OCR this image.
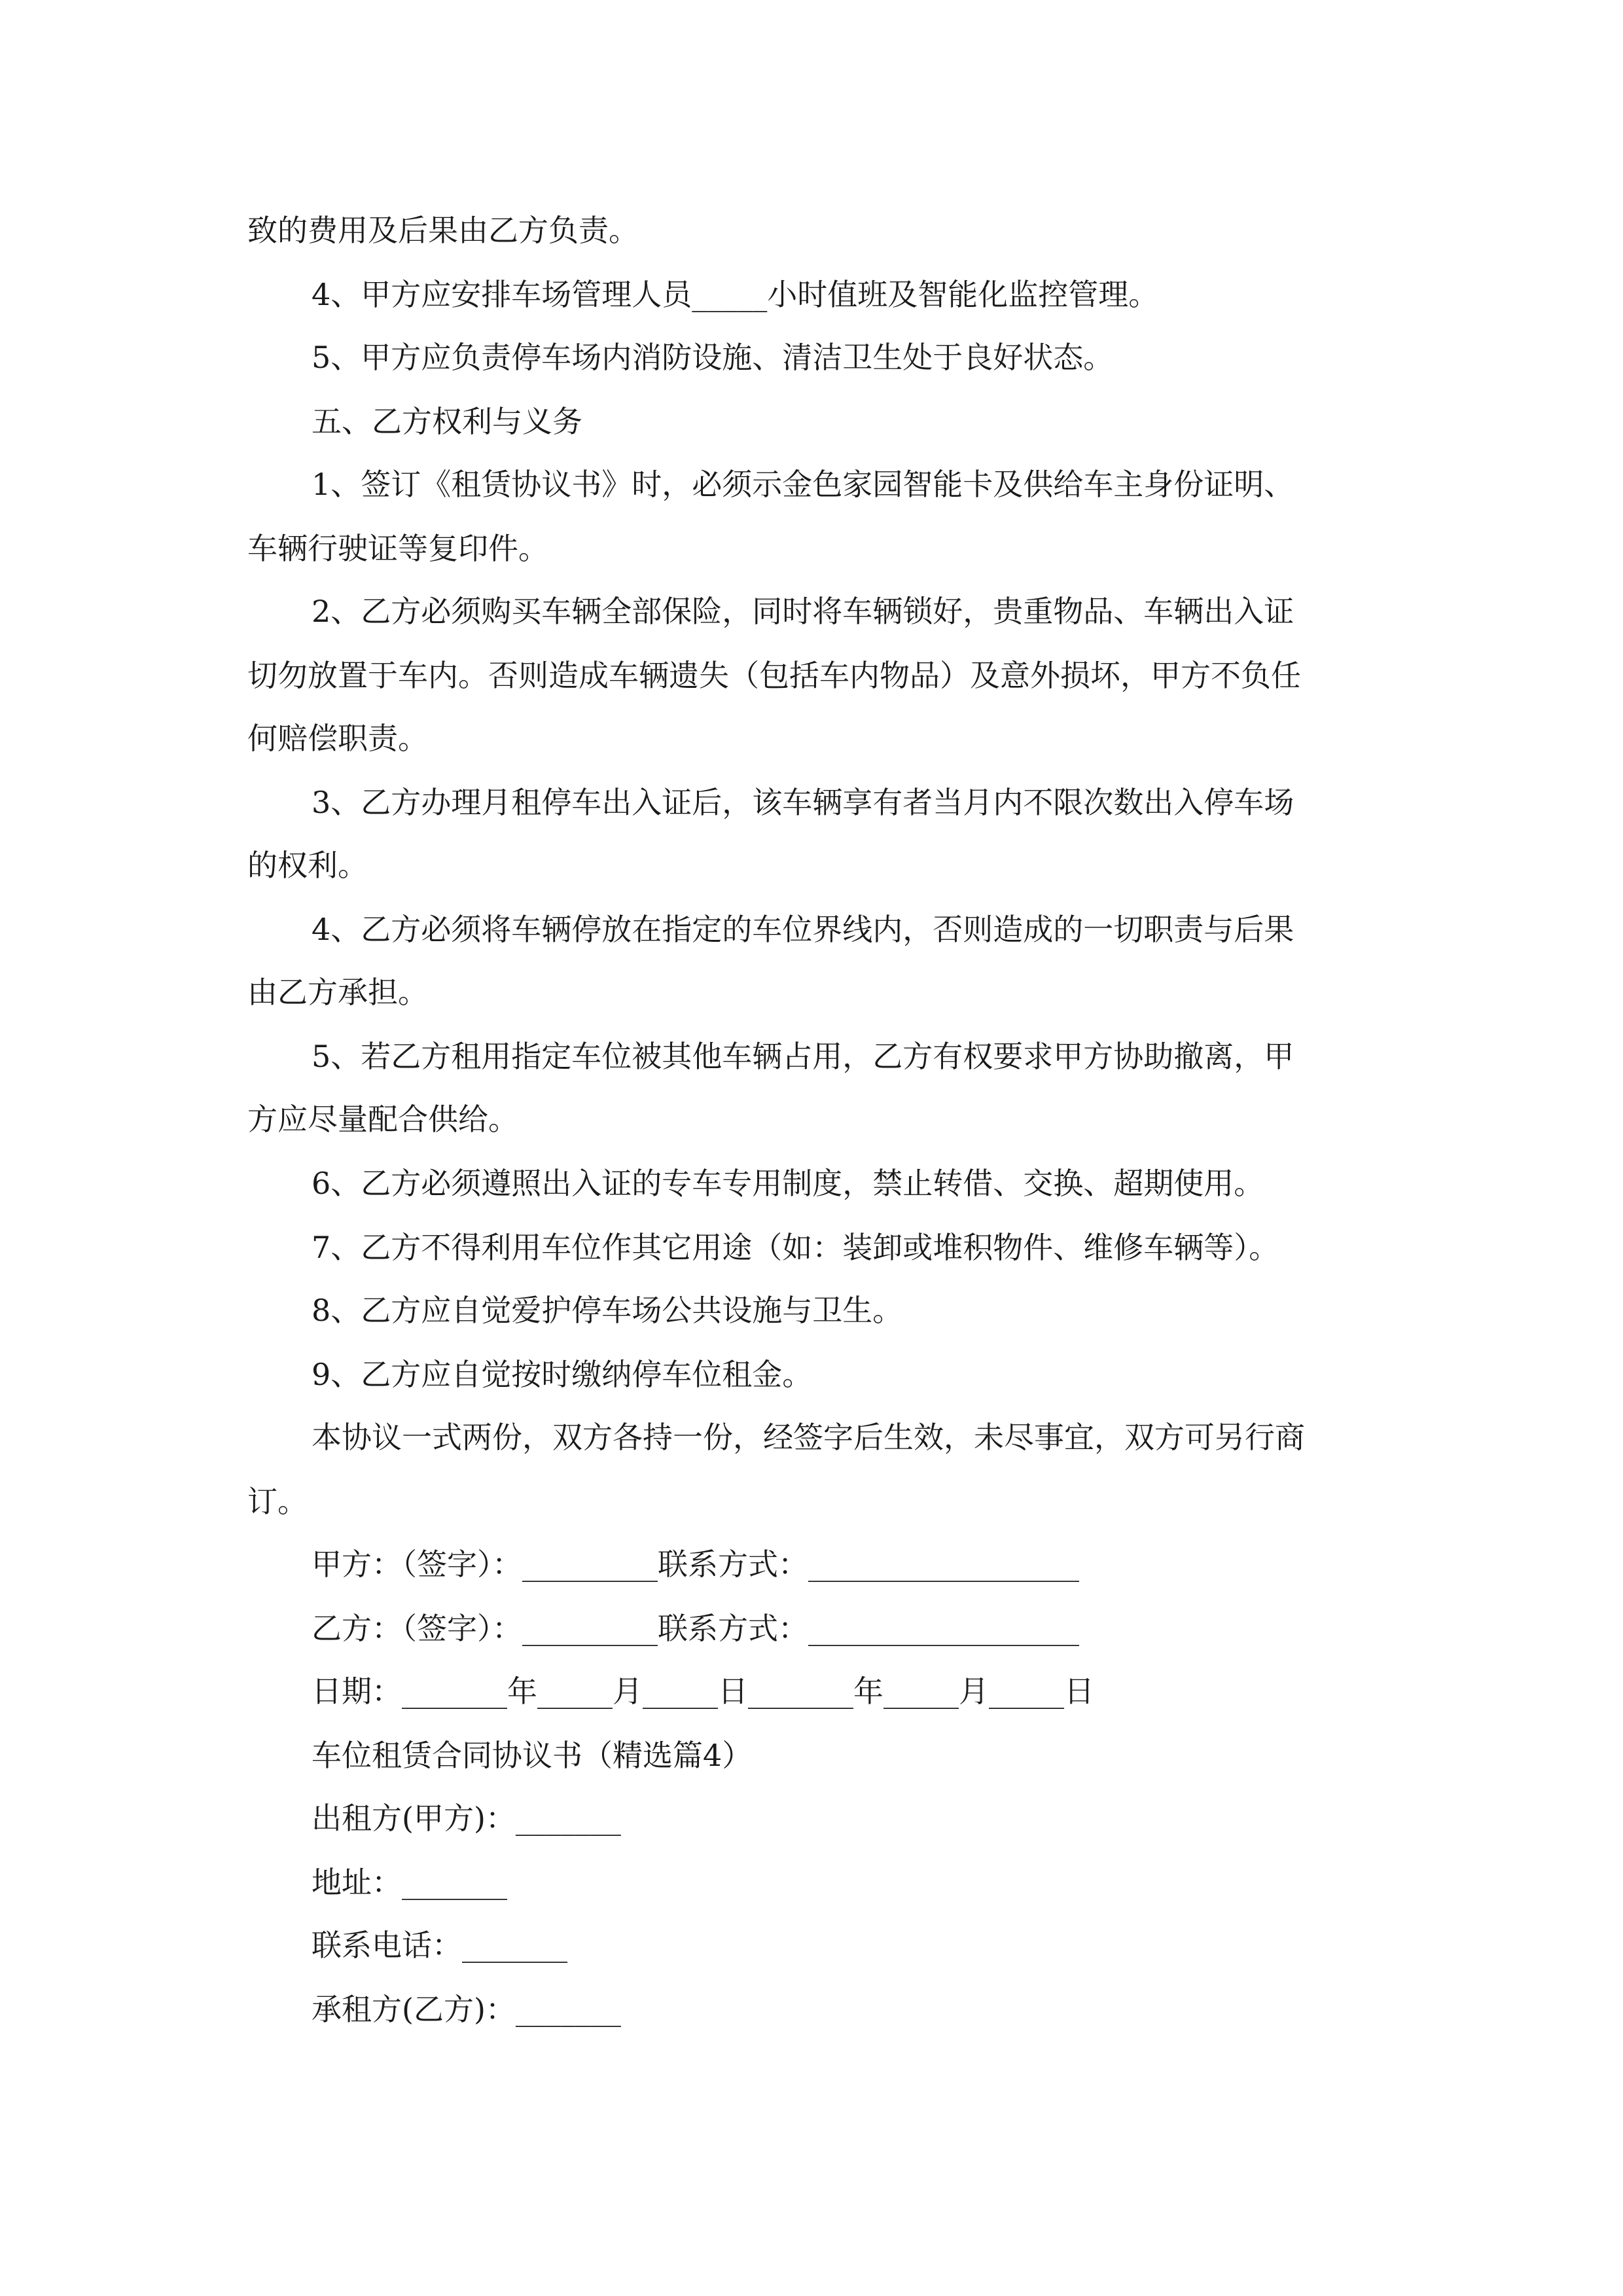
致的费用及后果由乙方负责。
4、甲方应安排车场管理人员_____小时值班及智能化监控管理。
5、甲方应负责停车场内消防设施、清洁卫生处于良好状态。
五、乙方权利与义务
1、签订《租赁协议书》时，必须示金色家园智能卡及供给车主身份证明、
车辆行驶证等复印件。
2、乙方必须购买车辆全部保险，同时将车辆锁好，贵重物品、车辆出入证
切勿放置于车内。否则造成车辆遗失（包括车内物品）及意外损坏，甲方不负任
何赔偿职责。
3、乙方办理月租停车出入证后，该车辆享有者当月内不限次数出入停车场
的权利。
4、乙方必须将车辆停放在指定的车位界线内，否则造成的一切职责与后果
由乙方承担。
5、若乙方租用指定车位被其他车辆占用，乙方有权要求甲方协助撤离，甲
方应尽量配合供给。
6、乙方必须遵照出入证的专车专用制度，禁止转借、交换、超期使用。
7、乙方不得利用车位作其它用途（如：装卸或堆积物件、维修车辆等）。
8、乙方应自觉爱护停车场公共设施与卫生。
9、乙方应自觉按时缴纳停车位租金。
本协议一式两份，双方各持一份，经签字后生效，未尽事宜，双方可另行商
订。
甲方：（签字）：_________联系方式：__________________
乙方：（签字）：_________联系方式：__________________
日期：_______年_____月_____日_______年_____月_____日
车位租赁合同协议书（精选篇4）
出租方(甲方)：_______
地址：_______
联系电话：_______
承租方(乙方)：_______
